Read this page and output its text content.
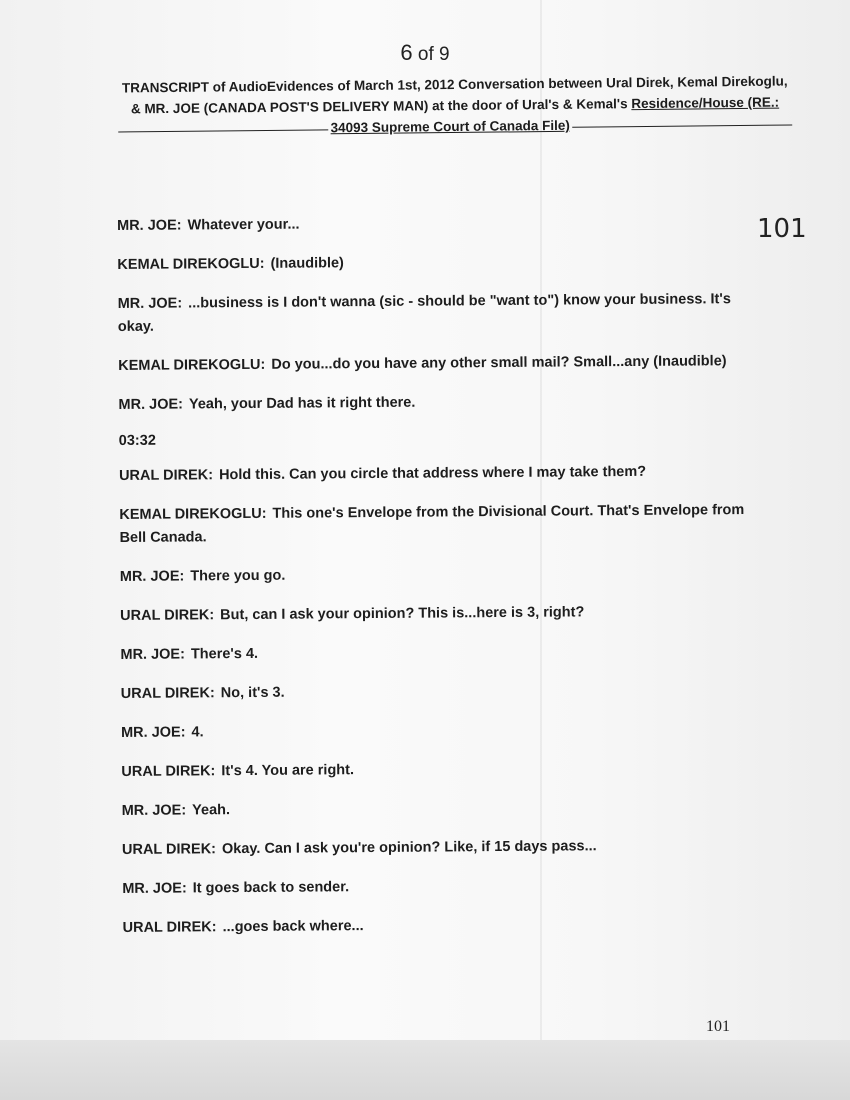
6 of 9
TRANSCRIPT of AudioEvidences of March 1st, 2012 Conversation between Ural Direk, Kemal Direkoglu,
& MR. JOE (CANADA POST'S DELIVERY MAN) at the door of Ural's & Kemal's Residence/House (RE.:
34093 Supreme Court of Canada File)
101
MR. JOE: Whatever your...
KEMAL DIREKOGLU: (Inaudible)
MR. JOE: ...business is I don't wanna (sic - should be "want to") know your business. It's okay.
KEMAL DIREKOGLU: Do you...do you have any other small mail? Small...any (Inaudible)
MR. JOE: Yeah, your Dad has it right there.
03:32
URAL DIREK: Hold this. Can you circle that address where I may take them?
KEMAL DIREKOGLU: This one's Envelope from the Divisional Court. That's Envelope from Bell Canada.
MR. JOE: There you go.
URAL DIREK: But, can I ask your opinion? This is...here is 3, right?
MR. JOE: There's 4.
URAL DIREK: No, it's 3.
MR. JOE: 4.
URAL DIREK: It's 4. You are right.
MR. JOE: Yeah.
URAL DIREK: Okay. Can I ask you're opinion? Like, if 15 days pass...
MR. JOE: It goes back to sender.
URAL DIREK: ...goes back where...
101
